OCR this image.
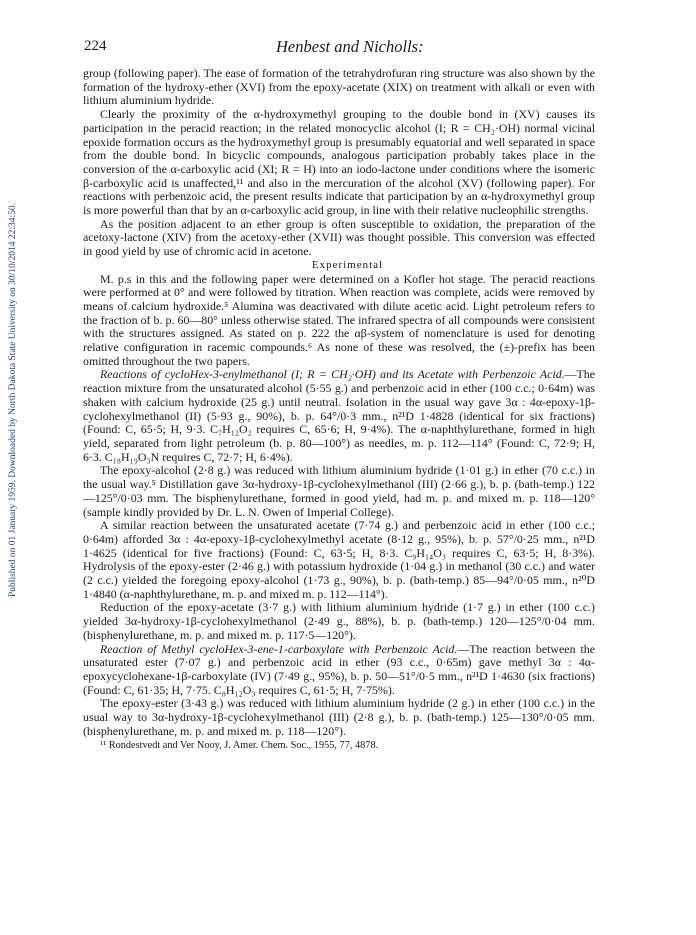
Published on 01 January 1959. Downloaded by North Dakota State University on 30/10/2014 22:34:50.
224	Henbest and Nicholls:

group (following paper). The ease of formation of the tetrahydrofuran ring structure was also shown by the formation of the hydroxy-ether (XVI) from the epoxy-acetate (XIX) on treatment with alkali or even with lithium aluminium hydride.

Clearly the proximity of the α-hydroxymethyl grouping to the double bond in (XV) causes its participation in the peracid reaction; in the related monocyclic alcohol (I; R = CH₂·OH) normal vicinal epoxide formation occurs as the hydroxymethyl group is presumably equatorial and well separated in space from the double bond. In bicyclic compounds, analogous participation probably takes place in the conversion of the α-carboxylic acid (XI; R = H) into an iodo-lactone under conditions where the isomeric β-carboxylic acid is unaffected,¹¹ and also in the mercuration of the alcohol (XV) (following paper). For reactions with perbenzoic acid, the present results indicate that participation by an α-hydroxymethyl group is more powerful than that by an α-carboxylic acid group, in line with their relative nucleophilic strengths.

As the position adjacent to an ether group is often susceptible to oxidation, the preparation of the acetoxy-lactone (XIV) from the acetoxy-ether (XVII) was thought possible. This conversion was effected in good yield by use of chromic acid in acetone.

Experimental

M. p.s in this and the following paper were determined on a Kofler hot stage. The peracid reactions were performed at 0° and were followed by titration. When reaction was complete, acids were removed by means of calcium hydroxide.⁵ Alumina was deactivated with dilute acetic acid. Light petroleum refers to the fraction of b. p. 60—80° unless otherwise stated. The infrared spectra of all compounds were consistent with the structures assigned. As stated on p. 222 the αβ-system of nomenclature is used for denoting relative configuration in racemic compounds.⁶ As none of these was resolved, the (±)-prefix has been omitted throughout the two papers.

Reactions of cycloHex-3-enylmethanol (I; R = CH₂·OH) and its Acetate with Perbenzoic Acid.—The reaction mixture from the unsaturated alcohol (5·55 g.) and perbenzoic acid in ether (100 c.c.; 0·64m) was shaken with calcium hydroxide (25 g.) until neutral. Isolation in the usual way gave 3α : 4α-epoxy-1β-cyclohexylmethanol (II) (5·93 g., 90%), b. p. 64°/0·3 mm., n²¹D 1·4828 (identical for six fractions) (Found: C, 65·5; H, 9·3. C₇H₁₂O₂ requires C, 65·6; H, 9·4%). The α-naphthylurethane, formed in high yield, separated from light petroleum (b. p. 80—100°) as needles, m. p. 112—114° (Found: C, 72·9; H, 6·3. C₁₈H₁₉O₃N requires C, 72·7; H, 6·4%).

The epoxy-alcohol (2·8 g.) was reduced with lithium aluminium hydride (1·01 g.) in ether (70 c.c.) in the usual way.⁵ Distillation gave 3α-hydroxy-1β-cyclohexylmethanol (III) (2·66 g.), b. p. (bath-temp.) 122—125°/0·03 mm. The bisphenylurethane, formed in good yield, had m. p. and mixed m. p. 118—120° (sample kindly provided by Dr. L. N. Owen of Imperial College).

A similar reaction between the unsaturated acetate (7·74 g.) and perbenzoic acid in ether (100 c.c.; 0·64m) afforded 3α : 4α-epoxy-1β-cyclohexylmethyl acetate (8·12 g., 95%), b. p. 57°/0·25 mm., n²¹D 1·4625 (identical for five fractions) (Found: C, 63·5; H, 8·3. C₉H₁₄O₃ requires C, 63·5; H, 8·3%). Hydrolysis of the epoxy-ester (2·46 g.) with potassium hydroxide (1·04 g.) in methanol (30 c.c.) and water (2 c.c.) yielded the foregoing epoxy-alcohol (1·73 g., 90%), b. p. (bath-temp.) 85—94°/0·05 mm., n²⁰D 1·4840 (α-naphthylurethane, m. p. and mixed m. p. 112—114°).

Reduction of the epoxy-acetate (3·7 g.) with lithium aluminium hydride (1·7 g.) in ether (100 c.c.) yielded 3α-hydroxy-1β-cyclohexylmethanol (2·49 g., 88%), b. p. (bath-temp.) 120—125°/0·04 mm. (bisphenylurethane, m. p. and mixed m. p. 117·5—120°).

Reaction of Methyl cycloHex-3-ene-1-carboxylate with Perbenzoic Acid.—The reaction between the unsaturated ester (7·07 g.) and perbenzoic acid in ether (93 c.c., 0·65m) gave methyl 3α : 4α-epoxycyclohexane-1β-carboxylate (IV) (7·49 g., 95%), b. p. 50—51°/0·5 mm., n²¹D 1·4630 (six fractions) (Found: C, 61·35; H, 7·75. C₈H₁₂O₃ requires C, 61·5; H, 7·75%).

The epoxy-ester (3·43 g.) was reduced with lithium aluminium hydride (2 g.) in ether (100 c.c.) in the usual way to 3α-hydroxy-1β-cyclohexylmethanol (III) (2·8 g.), b. p. (bath-temp.) 125—130°/0·05 mm. (bisphenylurethane, m. p. and mixed m. p. 118—120°).

¹¹ Rondestvedt and Ver Nooy, J. Amer. Chem. Soc., 1955, 77, 4878.
